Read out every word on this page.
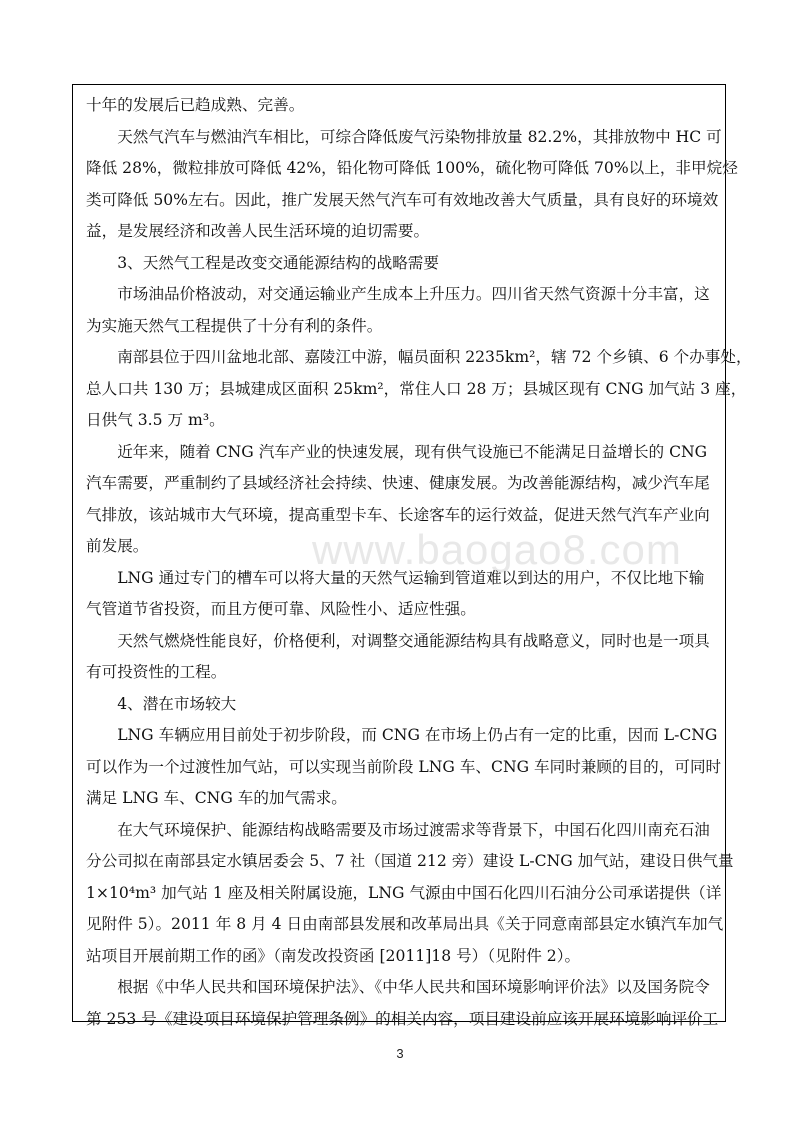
十年的发展后已趋成熟、完善。

天然气汽车与燃油汽车相比，可综合降低废气污染物排放量 82.2%，其排放物中 HC 可
降低 28%，微粒排放可降低 42%，铅化物可降低 100%，硫化物可降低 70%以上，非甲烷烃
类可降低 50%左右。因此，推广发展天然气汽车可有效地改善大气质量，具有良好的环境效
益，是发展经济和改善人民生活环境的迫切需要。

3、天然气工程是改变交通能源结构的战略需要

市场油品价格波动，对交通运输业产生成本上升压力。四川省天然气资源十分丰富，这
为实施天然气工程提供了十分有利的条件。

南部县位于四川盆地北部、嘉陵江中游，幅员面积 2235km²，辖 72 个乡镇、6 个办事处，
总人口共 130 万；县城建成区面积 25km²，常住人口 28 万；县城区现有 CNG 加气站 3 座，
日供气 3.5 万 m³。

近年来，随着 CNG 汽车产业的快速发展，现有供气设施已不能满足日益增长的 CNG
汽车需要，严重制约了县域经济社会持续、快速、健康发展。为改善能源结构，减少汽车尾
气排放，该站城市大气环境，提高重型卡车、长途客车的运行效益，促进天然气汽车产业向
前发展。

LNG 通过专门的槽车可以将大量的天然气运输到管道难以到达的用户，不仅比地下输
气管道节省投资，而且方便可靠、风险性小、适应性强。

天然气燃烧性能良好，价格便利，对调整交通能源结构具有战略意义，同时也是一项具
有可投资性的工程。

4、潜在市场较大

LNG 车辆应用目前处于初步阶段，而 CNG 在市场上仍占有一定的比重，因而 L-CNG
可以作为一个过渡性加气站，可以实现当前阶段 LNG 车、CNG 车同时兼顾的目的，可同时
满足 LNG 车、CNG 车的加气需求。

在大气环境保护、能源结构战略需要及市场过渡需求等背景下，中国石化四川南充石油
分公司拟在南部县定水镇居委会 5、7 社（国道 212 旁）建设 L-CNG 加气站，建设日供气量
1×10⁴m³ 加气站 1 座及相关附属设施，LNG 气源由中国石化四川石油分公司承诺提供（详
见附件 5）。2011 年 8 月 4 日由南部县发展和改革局出具《关于同意南部县定水镇汽车加气
站项目开展前期工作的函》（南发改投资函 [2011]18 号）（见附件 2）。

根据《中华人民共和国环境保护法》、《中华人民共和国环境影响评价法》以及国务院令
第 253 号《建设项目环境保护管理条例》的相关内容，项目建设前应该开展环境影响评价工

www.baogao8.com
3
